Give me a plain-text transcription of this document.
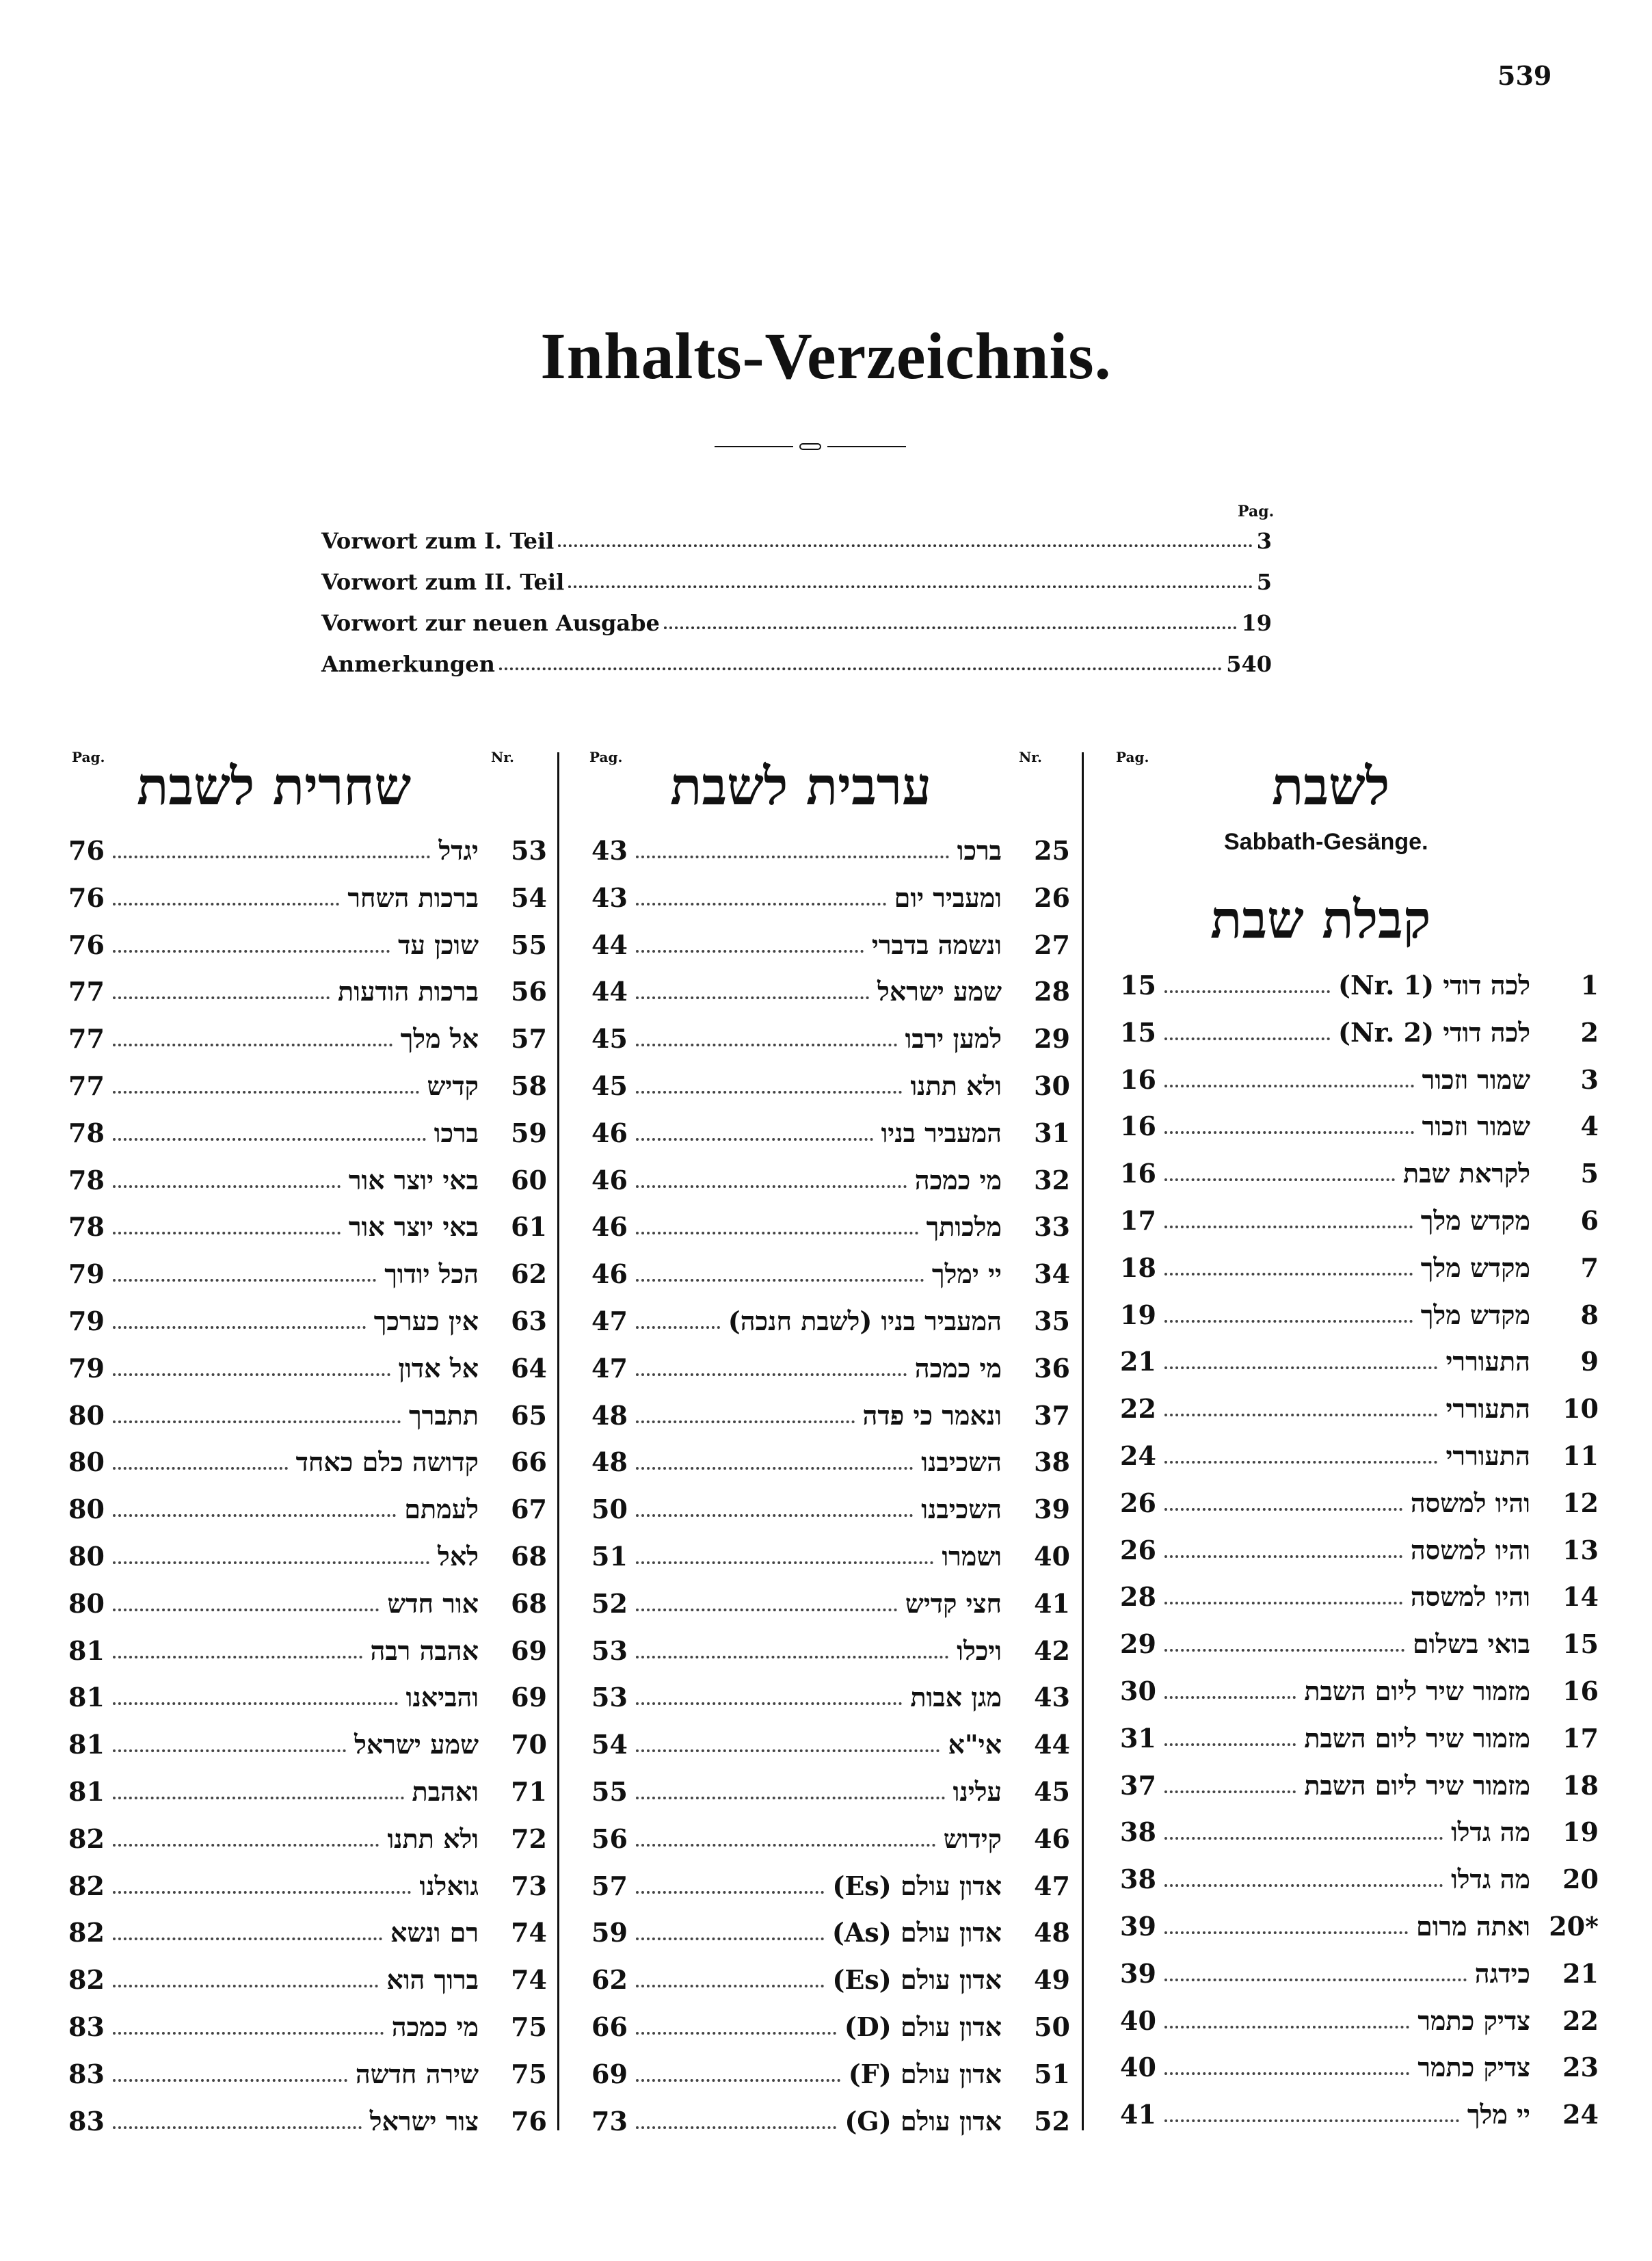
539
Inhalts-Verzeichnis.
Pag.
Vorwort zum I. Teil	3
Vorwort zum II. Teil	5
Vorwort zur neuen Ausgabe	19
Anmerkungen	540
Pag.	Nr.	Pag.	Nr.	Pag.
שחרית לשבת	ערבית לשבת	לשבת
Sabbath-Gesänge.
קבלת שבת
76	יגדל 53
76	ברכות השחר 54
76	שוכן עד 55
77	ברכות הודעות 56
77	אל מלך 57
77	קדיש 58
78	ברכו 59
78	באי יוצר אור 60
78	באי יוצר אור 61
79	הכל יודוך 62
79	אין כערכך 63
79	אל אדון 64
80	תתברך 65
80	קדושה כלם כאחד 66
80	לעמתם 67
80	לאל 68
80	אור חדש 68
81	אהבה רבה 69
81	והביאנו 69
81	שמע ישראל 70
81	ואהבת 71
82	ולא תתנו 72
82	גואלנו 73
82	רם ונשא 74
82	ברוך הוא 74
83	מי כמכה 75
83	שירה חדשה 75
83	צור ישראל 76
43	ברכו 25
43	ומעביר יום 26
44	ונשמה בדברי 27
44	שמע ישראל 28
45	למען ירבו 29
45	ולא תתנו 30
46	המעביר בניו 31
46	מי כמכה 32
46	מלכותך 33
46	יי ימלך 34
47	המעביר בניו (לשבת חנכה) 35
47	מי כמכה 36
48	ונאמר כי פדה 37
48	השכיבנו 38
50	השכיבנו 39
51	ושמרו 40
52	חצי קדיש 41
53	ויכלו 42
53	מגן אבות 43
54	אי"א 44
55	עלינו 45
56	קידוש 46
57	אדון עולם (Es) 47
59	אדון עולם (As) 48
62	אדון עולם (Es) 49
66	אדון עולם (D) 50
69	אדון עולם (F) 51
73	אדון עולם (G) 52
15	לכה דודי (Nr. 1) 1
15	לכה דודי (Nr. 2) 2
16	שמור וזכור 3
16	שמור וזכור 4
16	לקראת שבת 5
17	מקדש מלך 6
18	מקדש מלך 7
19	מקדש מלך 8
21	התעוררי 9
22	התעוררי 10
24	התעוררי 11
26	והיו למשסה 12
26	והיו למשסה 13
28	והיו למשסה 14
29	בואי בשלום 15
30	מזמור שיר ליום השבת 16
31	מזמור שיר ליום השבת 17
37	מזמור שיר ליום השבת 18
38	מה גדלו 19
38	מה גדלו 20
39	ואתה מרום 20*
39	כידגה 21
40	צדיק כתמר 22
40	צדיק כתמר 23
41	יי מלך 24
